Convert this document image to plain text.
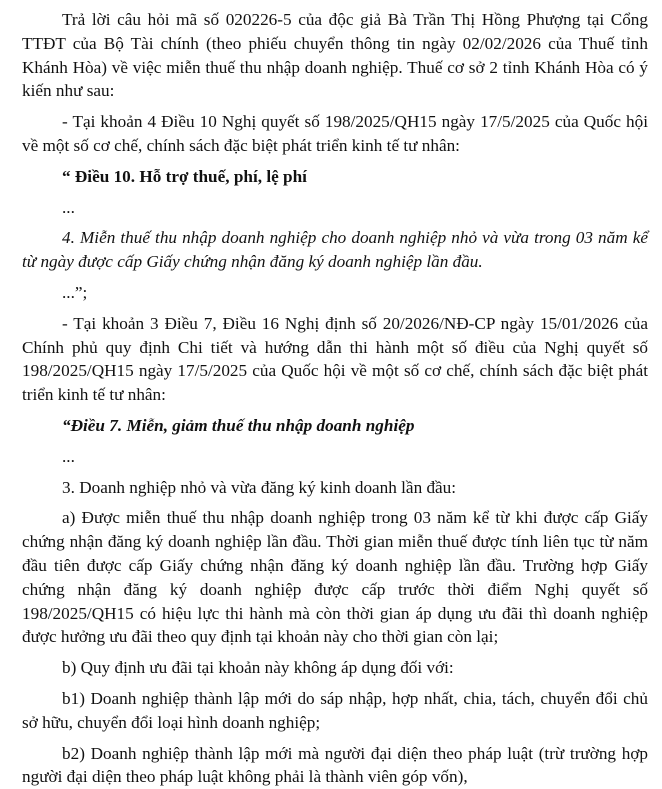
Trả lời câu hỏi mã số 020226-5 của độc giả Bà Trần Thị Hồng Phượng tại Cổng TTĐT của Bộ Tài chính (theo phiếu chuyển thông tin ngày 02/02/2026 của Thuế tỉnh Khánh Hòa) về việc miễn thuế thu nhập doanh nghiệp. Thuế cơ sở 2 tỉnh Khánh Hòa có ý kiến như sau:

- Tại khoản 4 Điều 10 Nghị quyết số 198/2025/QH15 ngày 17/5/2025 của Quốc hội về một số cơ chế, chính sách đặc biệt phát triển kinh tế tư nhân:

“ Điều 10. Hỗ trợ thuế, phí, lệ phí

...

4. Miễn thuế thu nhập doanh nghiệp cho doanh nghiệp nhỏ và vừa trong 03 năm kể từ ngày được cấp Giấy chứng nhận đăng ký doanh nghiệp lần đầu.

...”;

- Tại khoản 3 Điều 7, Điều 16 Nghị định số 20/2026/NĐ-CP ngày 15/01/2026 của Chính phủ quy định Chi tiết và hướng dẫn thi hành một số điều của Nghị quyết số 198/2025/QH15 ngày 17/5/2025 của Quốc hội về một số cơ chế, chính sách đặc biệt phát triển kinh tế tư nhân:

“Điều 7. Miễn, giảm thuế thu nhập doanh nghiệp

...

3. Doanh nghiệp nhỏ và vừa đăng ký kinh doanh lần đầu:

a) Được miễn thuế thu nhập doanh nghiệp trong 03 năm kể từ khi được cấp Giấy chứng nhận đăng ký doanh nghiệp lần đầu. Thời gian miễn thuế được tính liên tục từ năm đầu tiên được cấp Giấy chứng nhận đăng ký doanh nghiệp lần đầu. Trường hợp Giấy chứng nhận đăng ký doanh nghiệp được cấp trước thời điểm Nghị quyết số 198/2025/QH15 có hiệu lực thi hành mà còn thời gian áp dụng ưu đãi thì doanh nghiệp được hưởng ưu đãi theo quy định tại khoản này cho thời gian còn lại;

b) Quy định ưu đãi tại khoản này không áp dụng đối với:

b1) Doanh nghiệp thành lập mới do sáp nhập, hợp nhất, chia, tách, chuyển đổi chủ sở hữu, chuyển đổi loại hình doanh nghiệp;

b2) Doanh nghiệp thành lập mới mà người đại diện theo pháp luật (trừ trường hợp người đại diện theo pháp luật không phải là thành viên góp vốn),
